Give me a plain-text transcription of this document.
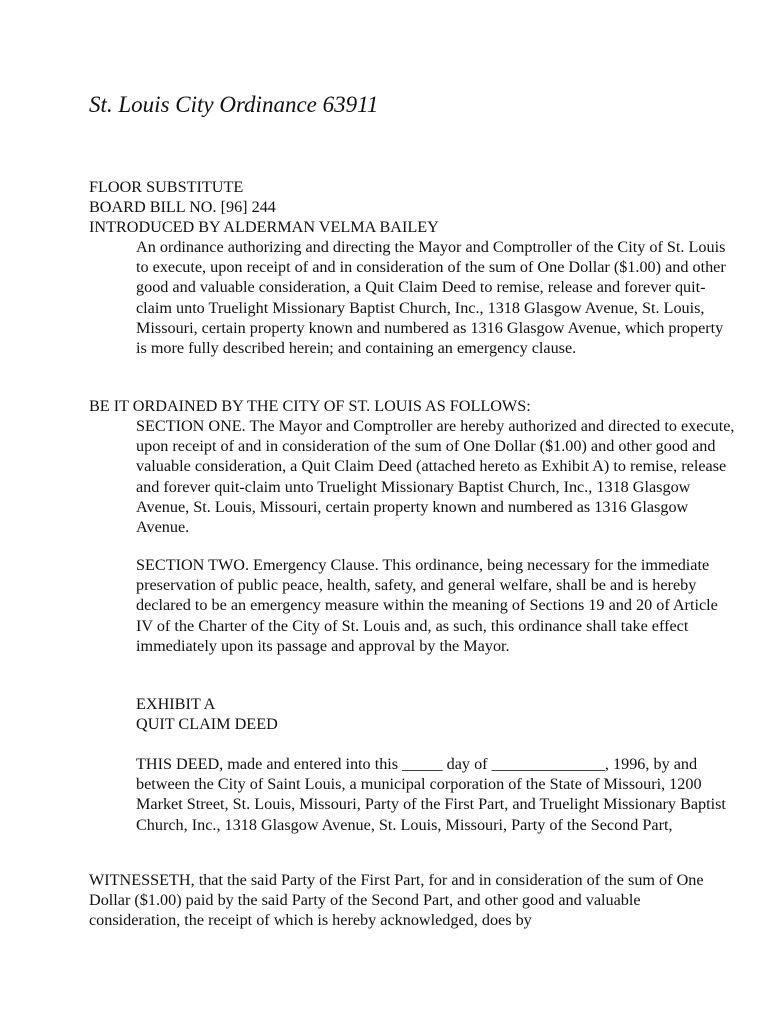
St. Louis City Ordinance 63911
FLOOR SUBSTITUTE
BOARD BILL NO. [96] 244
INTRODUCED BY ALDERMAN VELMA BAILEY

An ordinance authorizing and directing the Mayor and Comptroller of the City of St. Louis to execute, upon receipt of and in consideration of the sum of One Dollar ($1.00) and other good and valuable consideration, a Quit Claim Deed to remise, release and forever quit-claim unto Truelight Missionary Baptist Church, Inc., 1318 Glasgow Avenue, St. Louis, Missouri, certain property known and numbered as 1316 Glasgow Avenue, which property is more fully described herein; and containing an emergency clause.

BE IT ORDAINED BY THE CITY OF ST. LOUIS AS FOLLOWS:

SECTION ONE. The Mayor and Comptroller are hereby authorized and directed to execute, upon receipt of and in consideration of the sum of One Dollar ($1.00) and other good and valuable consideration, a Quit Claim Deed (attached hereto as Exhibit A) to remise, release and forever quit-claim unto Truelight Missionary Baptist Church, Inc., 1318 Glasgow Avenue, St. Louis, Missouri, certain property known and numbered as 1316 Glasgow Avenue.

SECTION TWO. Emergency Clause. This ordinance, being necessary for the immediate preservation of public peace, health, safety, and general welfare, shall be and is hereby declared to be an emergency measure within the meaning of Sections 19 and 20 of Article IV of the Charter of the City of St. Louis and, as such, this ordinance shall take effect immediately upon its passage and approval by the Mayor.

EXHIBIT A

QUIT CLAIM DEED

THIS DEED, made and entered into this _____ day of ______________, 1996, by and between the City of Saint Louis, a municipal corporation of the State of Missouri, 1200 Market Street, St. Louis, Missouri, Party of the First Part, and Truelight Missionary Baptist Church, Inc., 1318 Glasgow Avenue, St. Louis, Missouri, Party of the Second Part,

WITNESSETH, that the said Party of the First Part, for and in consideration of the sum of One Dollar ($1.00) paid by the said Party of the Second Part, and other good and valuable consideration, the receipt of which is hereby acknowledged, does by
